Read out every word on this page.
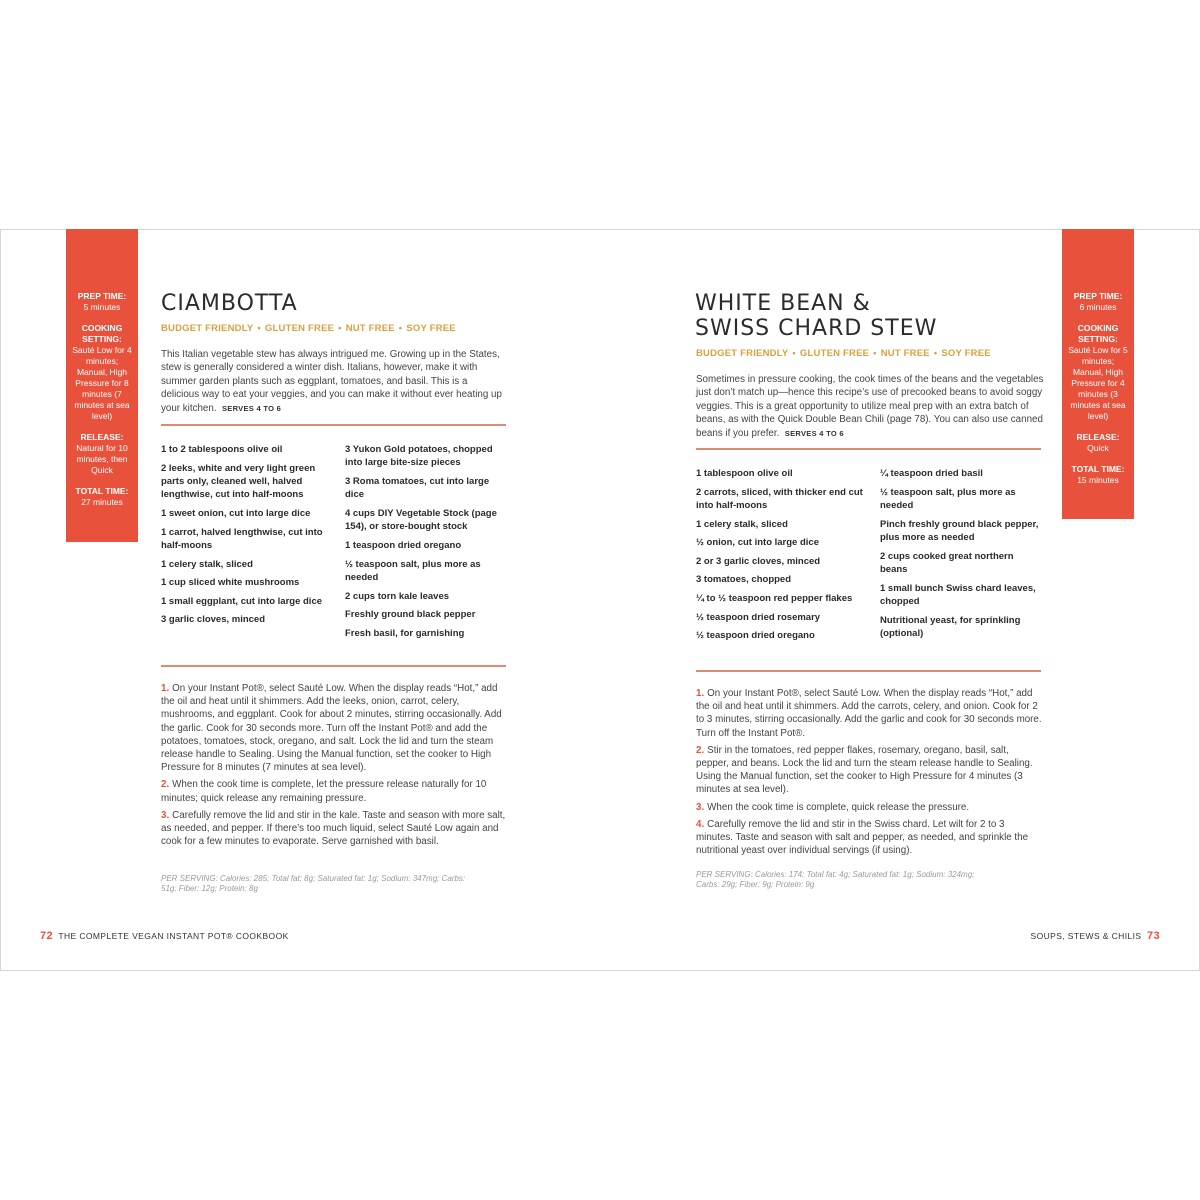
PREP TIME:
5 minutes
COOKING SETTING:
Sauté Low for 4 minutes; Manual, High Pressure for 8 minutes (7 minutes at sea level)
RELEASE:
Natural for 10 minutes, then Quick
TOTAL TIME:
27 minutes
CIAMBOTTA
BUDGET FRIENDLY • GLUTEN FREE • NUT FREE • SOY FREE

This Italian vegetable stew has always intrigued me. Growing up in the States, stew is generally considered a winter dish. Italians, however, make it with summer garden plants such as eggplant, tomatoes, and basil. This is a delicious way to eat your veggies, and you can make it without ever heating up your kitchen. SERVES 4 TO 6

1 to 2 tablespoons olive oil
2 leeks, white and very light green parts only, cleaned well, halved lengthwise, cut into half-moons
1 sweet onion, cut into large dice
1 carrot, halved lengthwise, cut into half-moons
1 celery stalk, sliced
1 cup sliced white mushrooms
1 small eggplant, cut into large dice
3 garlic cloves, minced
3 Yukon Gold potatoes, chopped into large bite-size pieces
3 Roma tomatoes, cut into large dice
4 cups DIY Vegetable Stock (page 154), or store-bought stock
1 teaspoon dried oregano
½ teaspoon salt, plus more as needed
2 cups torn kale leaves
Freshly ground black pepper
Fresh basil, for garnishing
1. On your Instant Pot®, select Sauté Low. When the display reads “Hot,” add the oil and heat until it shimmers. Add the leeks, onion, carrot, celery, mushrooms, and eggplant. Cook for about 2 minutes, stirring occasionally. Add the garlic. Cook for 30 seconds more. Turn off the Instant Pot® and add the potatoes, tomatoes, stock, oregano, and salt. Lock the lid and turn the steam release handle to Sealing. Using the Manual function, set the cooker to High Pressure for 8 minutes (7 minutes at sea level).
2. When the cook time is complete, let the pressure release naturally for 10 minutes; quick release any remaining pressure.
3. Carefully remove the lid and stir in the kale. Taste and season with more salt, as needed, and pepper. If there’s too much liquid, select Sauté Low again and cook for a few minutes to evaporate. Serve garnished with basil.

PER SERVING: Calories: 285; Total fat: 8g; Saturated fat: 1g; Sodium: 347mg; Carbs: 51g; Fiber: 12g; Protein: 8g

72 THE COMPLETE VEGAN INSTANT POT® COOKBOOK
WHITE BEAN &
SWISS CHARD STEW
BUDGET FRIENDLY • GLUTEN FREE • NUT FREE • SOY FREE

Sometimes in pressure cooking, the cook times of the beans and the vegetables just don’t match up—hence this recipe’s use of precooked beans to avoid soggy veggies. This is a great opportunity to utilize meal prep with an extra batch of beans, as with the Quick Double Bean Chili (page 78). You can also use canned beans if you prefer. SERVES 4 TO 6

1 tablespoon olive oil
2 carrots, sliced, with thicker end cut into half-moons
1 celery stalk, sliced
½ onion, cut into large dice
2 or 3 garlic cloves, minced
3 tomatoes, chopped
¼ to ½ teaspoon red pepper flakes
½ teaspoon dried rosemary
½ teaspoon dried oregano
¼ teaspoon dried basil
½ teaspoon salt, plus more as needed
Pinch freshly ground black pepper, plus more as needed
2 cups cooked great northern beans
1 small bunch Swiss chard leaves, chopped
Nutritional yeast, for sprinkling (optional)
1. On your Instant Pot®, select Sauté Low. When the display reads “Hot,” add the oil and heat until it shimmers. Add the carrots, celery, and onion. Cook for 2 to 3 minutes, stirring occasionally. Add the garlic and cook for 30 seconds more. Turn off the Instant Pot®.
2. Stir in the tomatoes, red pepper flakes, rosemary, oregano, basil, salt, pepper, and beans. Lock the lid and turn the steam release handle to Sealing. Using the Manual function, set the cooker to High Pressure for 4 minutes (3 minutes at sea level).
3. When the cook time is complete, quick release the pressure.
4. Carefully remove the lid and stir in the Swiss chard. Let wilt for 2 to 3 minutes. Taste and season with salt and pepper, as needed, and sprinkle the nutritional yeast over individual servings (if using).

PER SERVING: Calories: 174; Total fat: 4g; Saturated fat: 1g; Sodium: 324mg; Carbs: 29g; Fiber: 9g; Protein: 9g

PREP TIME:
6 minutes
COOKING SETTING:
Sauté Low for 5 minutes; Manual, High Pressure for 4 minutes (3 minutes at sea level)
RELEASE:
Quick
TOTAL TIME:
15 minutes
SOUPS, STEWS & CHILIS 73
